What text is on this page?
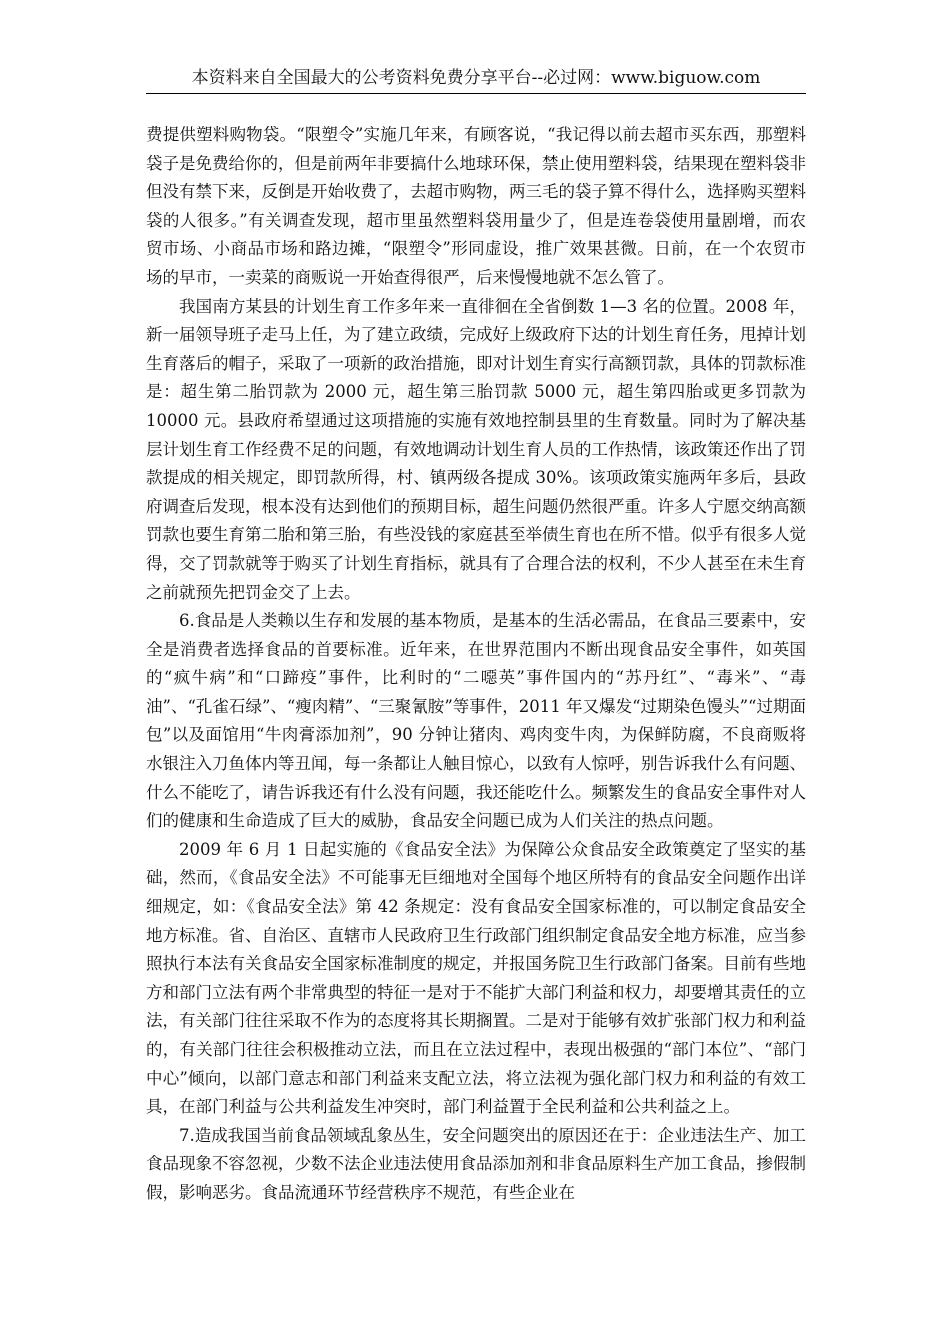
本资料来自全国最大的公考资料免费分享平台--必过网：www.biguow.com

费提供塑料购物袋。“限塑令”实施几年来，有顾客说，“我记得以前去超市买东西，那塑料袋子是免费给你的，但是前两年非要搞什么地球环保，禁止使用塑料袋，结果现在塑料袋非但没有禁下来，反倒是开始收费了，去超市购物，两三毛的袋子算不得什么，选择购买塑料袋的人很多。”有关调查发现，超市里虽然塑料袋用量少了，但是连卷袋使用量剧增，而农贸市场、小商品市场和路边摊，“限塑令”形同虚设，推广效果甚微。日前，在一个农贸市场的早市，一卖菜的商贩说一开始查得很严，后来慢慢地就不怎么管了。

我国南方某县的计划生育工作多年来一直徘徊在全省倒数 1—3 名的位置。2008 年，新一届领导班子走马上任，为了建立政绩，完成好上级政府下达的计划生育任务，甩掉计划生育落后的帽子，采取了一项新的政治措施，即对计划生育实行高额罚款，具体的罚款标准是：超生第二胎罚款为 2000 元，超生第三胎罚款 5000 元，超生第四胎或更多罚款为 10000 元。县政府希望通过这项措施的实施有效地控制县里的生育数量。同时为了解决基层计划生育工作经费不足的问题，有效地调动计划生育人员的工作热情，该政策还作出了罚款提成的相关规定，即罚款所得，村、镇两级各提成 30%。该项政策实施两年多后，县政府调查后发现，根本没有达到他们的预期目标，超生问题仍然很严重。许多人宁愿交纳高额罚款也要生育第二胎和第三胎，有些没钱的家庭甚至举债生育也在所不惜。似乎有很多人觉得，交了罚款就等于购买了计划生育指标，就具有了合理合法的权利，不少人甚至在未生育之前就预先把罚金交了上去。

6.食品是人类赖以生存和发展的基本物质，是基本的生活必需品，在食品三要素中，安全是消费者选择食品的首要标准。近年来，在世界范围内不断出现食品安全事件，如英国的“疯牛病”和“口蹄疫”事件，比利时的“二噁英”事件国内的“苏丹红”、“毒米”、“毒油”、“孔雀石绿”、“瘦肉精”、“三聚氰胺”等事件，2011 年又爆发“过期染色馒头”“过期面包”以及面馆用“牛肉膏添加剂”，90 分钟让猪肉、鸡肉变牛肉，为保鲜防腐，不良商贩将水银注入刀鱼体内等丑闻，每一条都让人触目惊心，以致有人惊呼，别告诉我什么有问题、什么不能吃了，请告诉我还有什么没有问题，我还能吃什么。频繁发生的食品安全事件对人们的健康和生命造成了巨大的威胁，食品安全问题已成为人们关注的热点问题。

2009 年 6 月 1 日起实施的《食品安全法》为保障公众食品安全政策奠定了坚实的基础，然而，《食品安全法》不可能事无巨细地对全国每个地区所特有的食品安全问题作出详细规定，如：《食品安全法》第 42 条规定：没有食品安全国家标准的，可以制定食品安全地方标准。省、自治区、直辖市人民政府卫生行政部门组织制定食品安全地方标准，应当参照执行本法有关食品安全国家标准制度的规定，并报国务院卫生行政部门备案。目前有些地方和部门立法有两个非常典型的特征一是对于不能扩大部门利益和权力，却要增其责任的立法，有关部门往往采取不作为的态度将其长期搁置。二是对于能够有效扩张部门权力和利益的，有关部门往往会积极推动立法，而且在立法过程中，表现出极强的“部门本位”、“部门中心”倾向，以部门意志和部门利益来支配立法，将立法视为强化部门权力和利益的有效工具，在部门利益与公共利益发生冲突时，部门利益置于全民利益和公共利益之上。

7.造成我国当前食品领域乱象丛生，安全问题突出的原因还在于：企业违法生产、加工食品现象不容忽视，少数不法企业违法使用食品添加剂和非食品原料生产加工食品，掺假制假，影响恶劣。食品流通环节经营秩序不规范，有些企业在
